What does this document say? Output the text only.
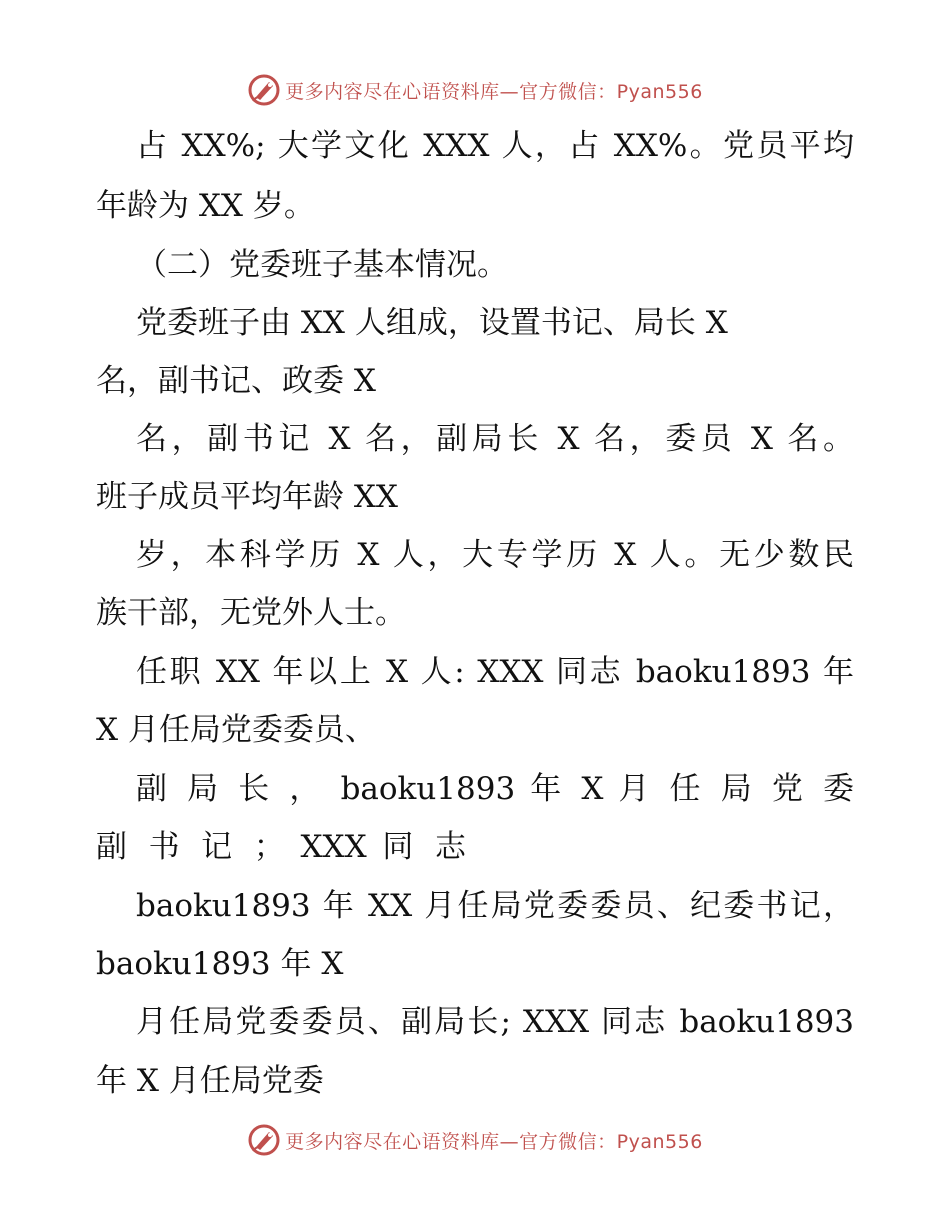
更多内容尽在心语资料库—官方微信：Pyan556
占 XX%; 大学文化 XXX 人，占 XX%。党员平均
年龄为 XX 岁。
（二）党委班子基本情况。
党委班子由 XX 人组成，设置书记、局长 X
名，副书记、政委 X
名，副书记 X 名，副局长 X 名，委员 X 名。
班子成员平均年龄 XX
岁，本科学历 X 人，大专学历 X 人。无少数民
族干部，无党外人士。
任职 XX 年以上 X 人: XXX 同志 baoku1893 年
X 月任局党委委员、
副 局 长 ， baoku1893 年 X 月 任 局 党 委
副 书 记 ； XXX 同 志
baoku1893 年 XX 月任局党委委员、纪委书记，
baoku1893 年 X
月任局党委委员、副局长; XXX 同志 baoku1893
年 X 月任局党委
更多内容尽在心语资料库—官方微信：Pyan556
